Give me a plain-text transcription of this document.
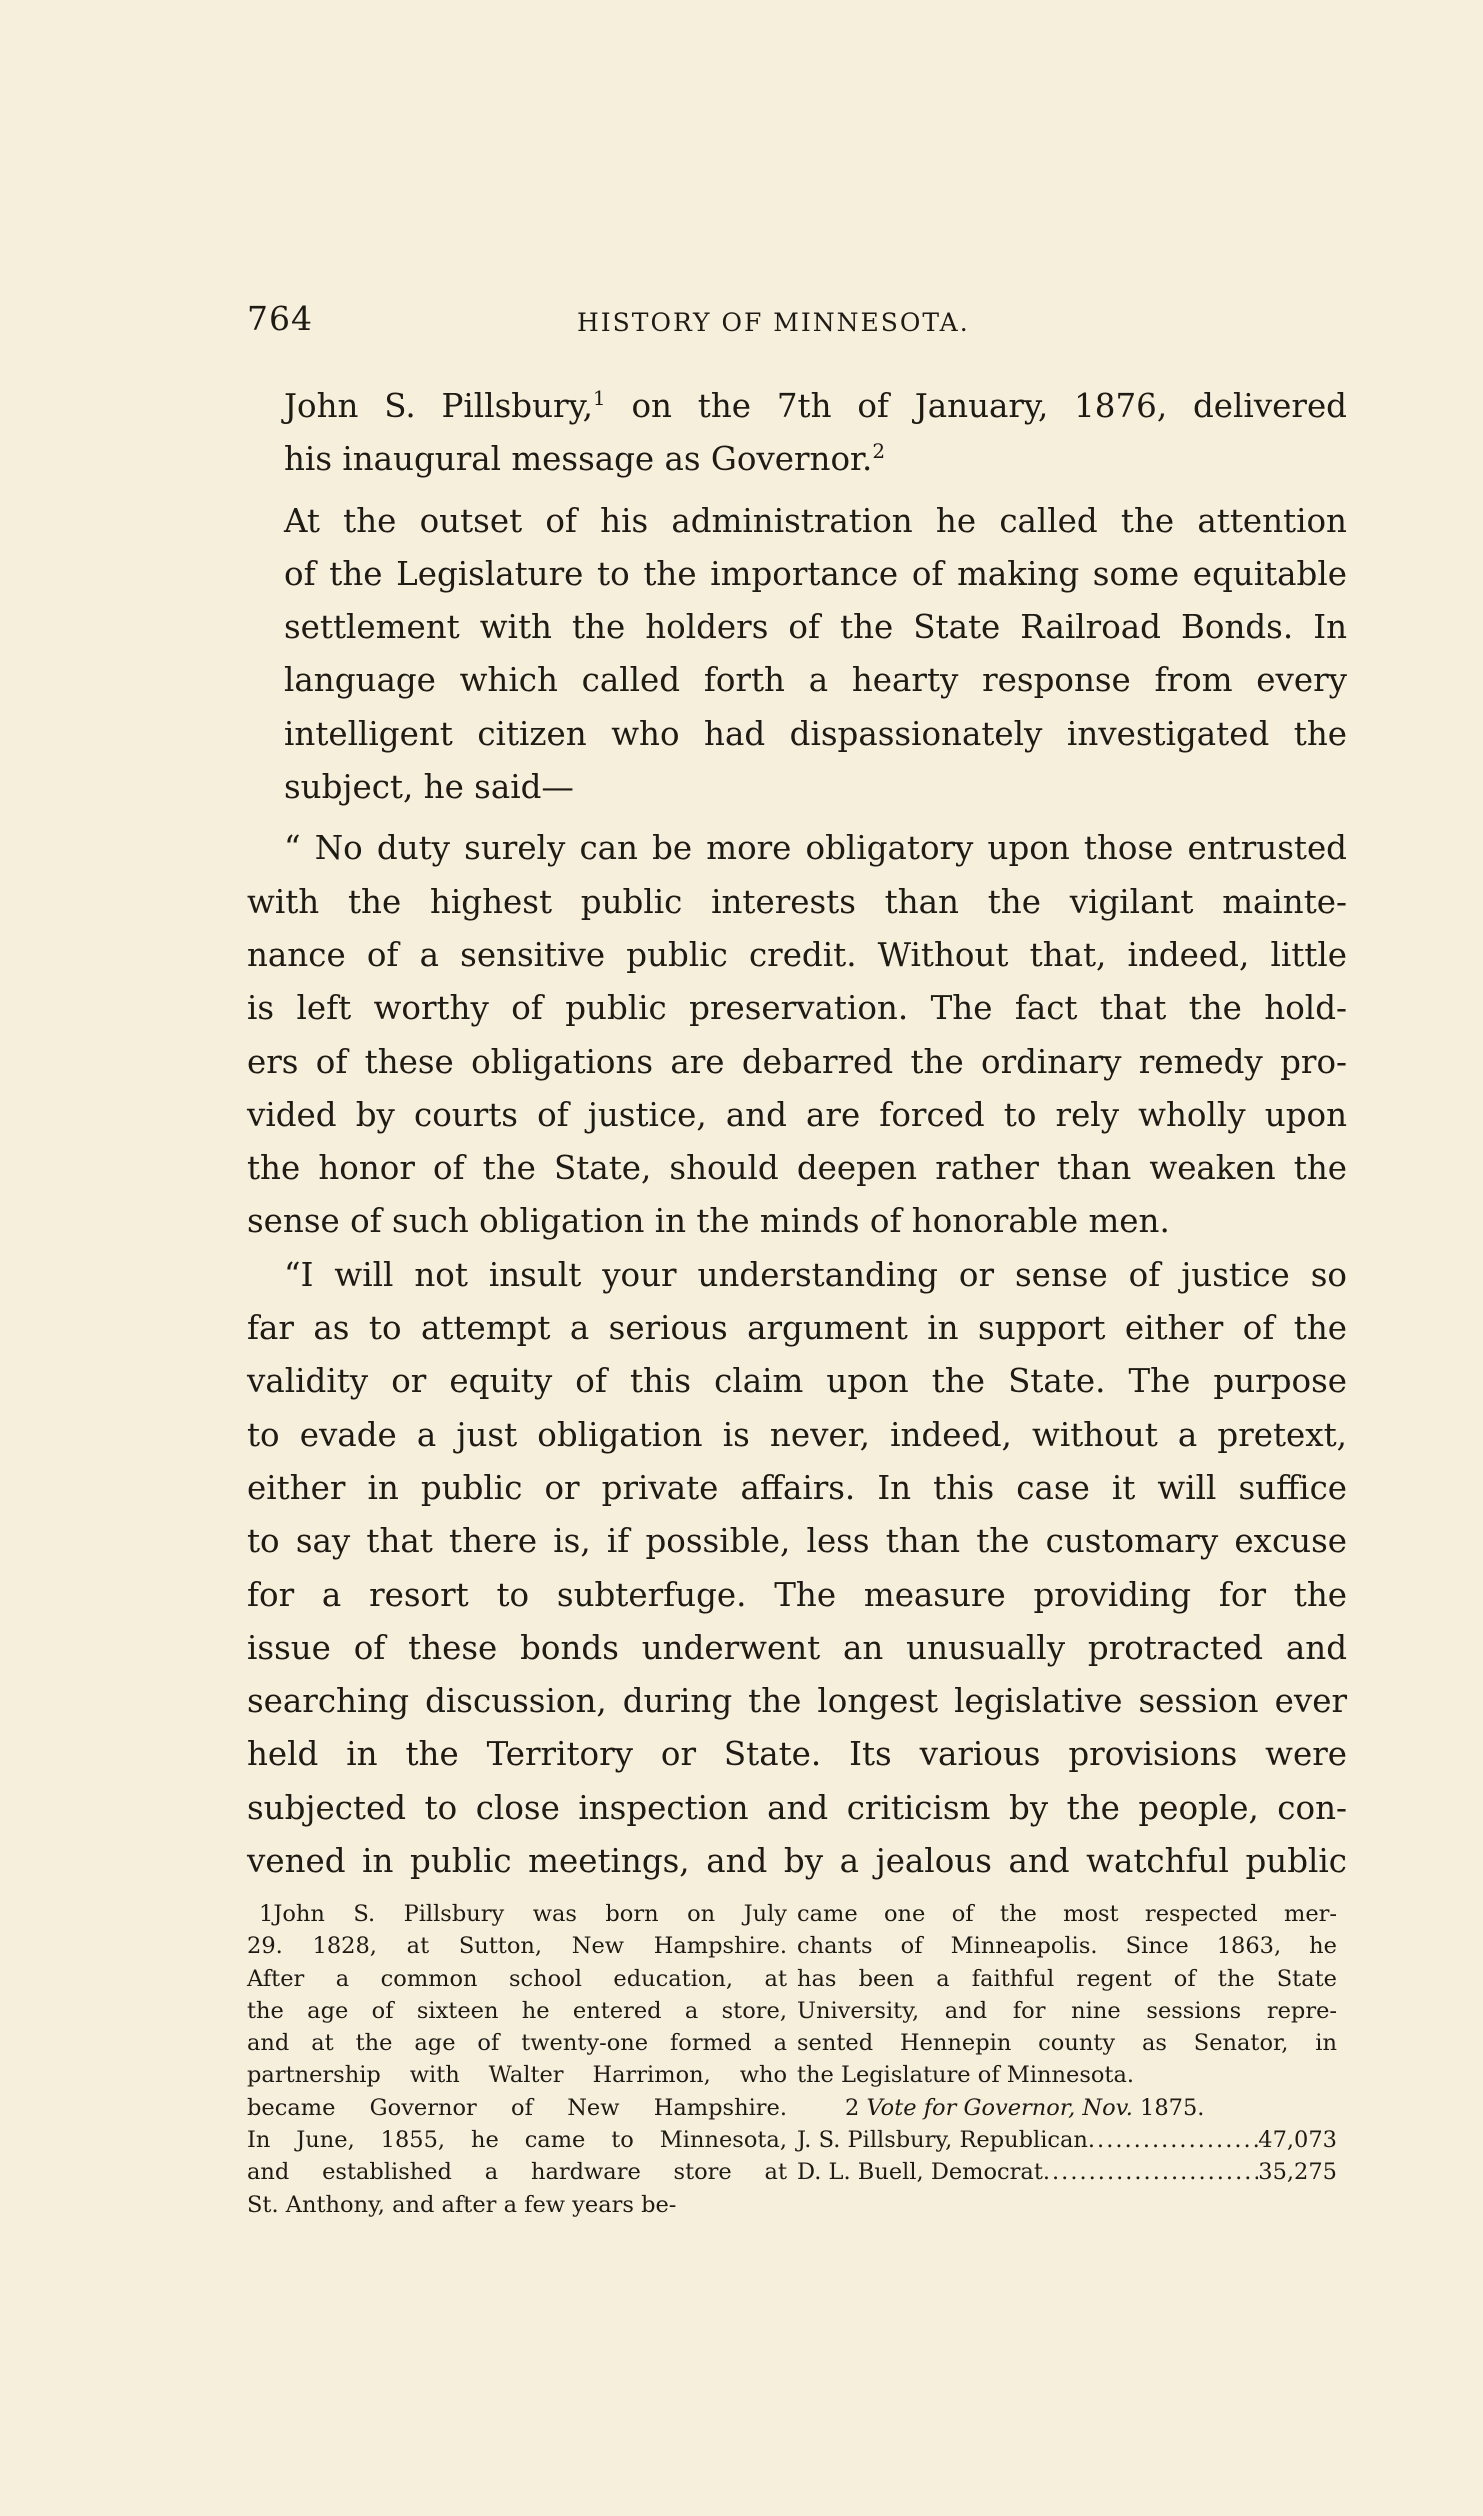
764	HISTORY OF MINNESOTA.

John S. Pillsbury,$^1$ on the 7th of January, 1876, delivered
his inaugural message as Governor.$^2$

At the outset of his administration he called the attention
of the Legislature to the importance of making some equitable
settlement with the holders of the State Railroad Bonds. In
language which called forth a hearty response from every
intelligent citizen who had dispassionately investigated the
subject, he said—

“ No duty surely can be more obligatory upon those entrusted
with the highest public interests than the vigilant mainte-
nance of a sensitive public credit. Without that, indeed, little
is left worthy of public preservation. The fact that the hold-
ers of these obligations are debarred the ordinary remedy pro-
vided by courts of justice, and are forced to rely wholly upon
the honor of the State, should deepen rather than weaken the
sense of such obligation in the minds of honorable men.

“I will not insult your understanding or sense of justice so
far as to attempt a serious argument in support either of the
validity or equity of this claim upon the State. The purpose
to evade a just obligation is never, indeed, without a pretext,
either in public or private affairs. In this case it will suffice
to say that there is, if possible, less than the customary excuse
for a resort to subterfuge. The measure providing for the
issue of these bonds underwent an unusually protracted and
searching discussion, during the longest legislative session ever
held in the Territory or State. Its various provisions were
subjected to close inspection and criticism by the people, con-
vened in public meetings, and by a jealous and watchful public

1John S. Pillsbury was born on July
29. 1828, at Sutton, New Hampshire.
After a common school education, at
the age of sixteen he entered a store,
and at the age of twenty-one formed a
partnership with Walter Harrimon, who
became Governor of New Hampshire.
In June, 1855, he came to Minnesota,
and established a hardware store at
St. Anthony, and after a few years be-
came one of the most respected mer-
chants of Minneapolis. Since 1863, he
has been a faithful regent of the State
University, and for nine sessions repre-
sented Hennepin county as Senator, in
the Legislature of Minnesota.
2 Vote for Governor, Nov. 1875.
J. S. Pillsbury, Republican .....	47,073
D. L. Buell, Democrat .....	35,275
